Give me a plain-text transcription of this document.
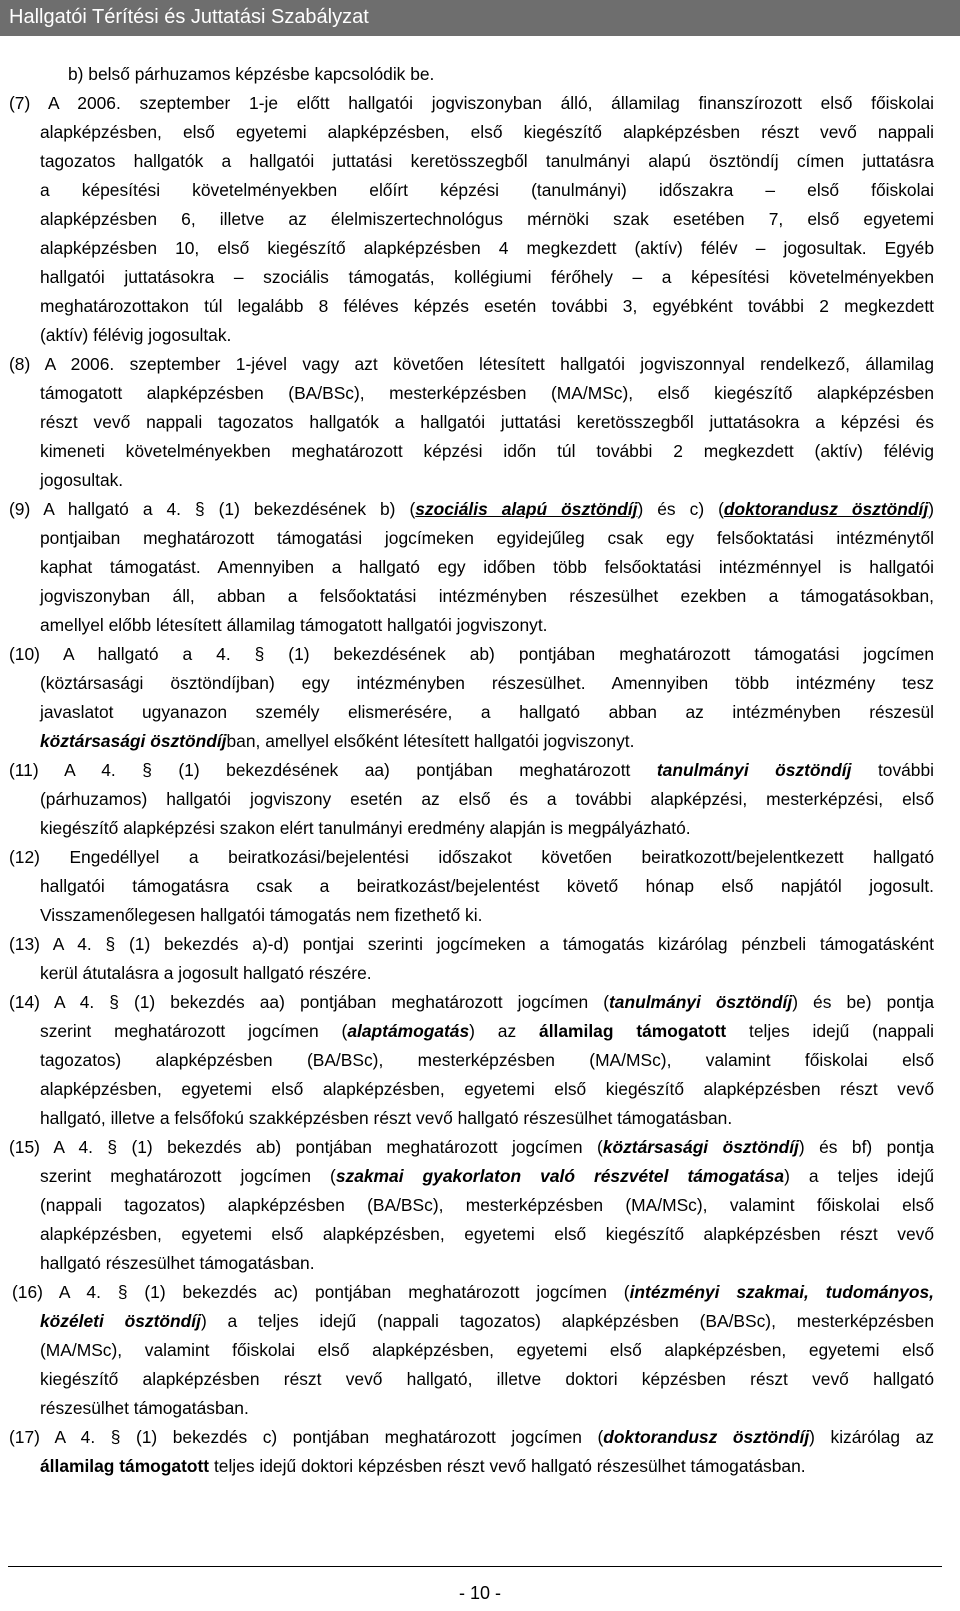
Hallgatói Térítési és Juttatási Szabályzat
b) belső párhuzamos képzésbe kapcsolódik be.
(7) A 2006. szeptember 1-je előtt hallgatói jogviszonyban álló, államilag finanszírozott első főiskolai
alapképzésben, első egyetemi alapképzésben, első kiegészítő alapképzésben részt vevő nappali
tagozatos hallgatók a hallgatói juttatási keretösszegből tanulmányi alapú ösztöndíj címen juttatásra
a képesítési követelményekben előírt képzési (tanulmányi) időszakra – első főiskolai
alapképzésben 6, illetve az élelmiszertechnológus mérnöki szak esetében 7, első egyetemi
alapképzésben 10, első kiegészítő alapképzésben 4 megkezdett (aktív) félév – jogosultak. Egyéb
hallgatói juttatásokra – szociális támogatás, kollégiumi férőhely – a képesítési követelményekben
meghatározottakon túl legalább 8 féléves képzés esetén további 3, egyébként további 2 megkezdett
(aktív) félévig jogosultak.
(8) A 2006. szeptember 1-jével vagy azt követően létesített hallgatói jogviszonnyal rendelkező, államilag
támogatott alapképzésben (BA/BSc), mesterképzésben (MA/MSc), első kiegészítő alapképzésben
részt vevő nappali tagozatos hallgatók a hallgatói juttatási keretösszegből juttatásokra a képzési és
kimeneti követelményekben meghatározott képzési időn túl további 2 megkezdett (aktív) félévig
jogosultak.
(9) A hallgató a 4. § (1) bekezdésének b) (szociális alapú ösztöndíj) és c) (doktorandusz ösztöndíj)
pontjaiban meghatározott támogatási jogcímeken egyidejűleg csak egy felsőoktatási intézménytől
kaphat támogatást. Amennyiben a hallgató egy időben több felsőoktatási intézménnyel is hallgatói
jogviszonyban áll, abban a felsőoktatási intézményben részesülhet ezekben a támogatásokban,
amellyel előbb létesített államilag támogatott hallgatói jogviszonyt.
(10) A hallgató a 4. § (1) bekezdésének ab) pontjában meghatározott támogatási jogcímen
(köztársasági ösztöndíjban) egy intézményben részesülhet. Amennyiben több intézmény tesz
javaslatot ugyanazon személy elismerésére, a hallgató abban az intézményben részesül
köztársasági ösztöndíjban, amellyel elsőként létesített hallgatói jogviszonyt.
(11) A 4. § (1) bekezdésének aa) pontjában meghatározott tanulmányi ösztöndíj további
(párhuzamos) hallgatói jogviszony esetén az első és a további alapképzési, mesterképzési, első
kiegészítő alapképzési szakon elért tanulmányi eredmény alapján is megpályázható.
(12) Engedéllyel a beiratkozási/bejelentési időszakot követően beiratkozott/bejelentkezett hallgató
hallgatói támogatásra csak a beiratkozást/bejelentést követő hónap első napjától jogosult.
Visszamenőlegesen hallgatói támogatás nem fizethető ki.
(13) A 4. § (1) bekezdés a)-d) pontjai szerinti jogcímeken a támogatás kizárólag pénzbeli támogatásként
kerül átutalásra a jogosult hallgató részére.
(14) A 4. § (1) bekezdés aa) pontjában meghatározott jogcímen (tanulmányi ösztöndíj) és be) pontja
szerint meghatározott jogcímen (alaptámogatás) az államilag támogatott teljes idejű (nappali
tagozatos) alapképzésben (BA/BSc), mesterképzésben (MA/MSc), valamint főiskolai első
alapképzésben, egyetemi első alapképzésben, egyetemi első kiegészítő alapképzésben részt vevő
hallgató, illetve a felsőfokú szakképzésben részt vevő hallgató részesülhet támogatásban.
(15) A 4. § (1) bekezdés ab) pontjában meghatározott jogcímen (köztársasági ösztöndíj) és bf) pontja
szerint meghatározott jogcímen (szakmai gyakorlaton való részvétel támogatása) a teljes idejű
(nappali tagozatos) alapképzésben (BA/BSc), mesterképzésben (MA/MSc), valamint főiskolai első
alapképzésben, egyetemi első alapképzésben, egyetemi első kiegészítő alapképzésben részt vevő
hallgató részesülhet támogatásban.
(16) A 4. § (1) bekezdés ac) pontjában meghatározott jogcímen (intézményi szakmai, tudományos,
közéleti ösztöndíj) a teljes idejű (nappali tagozatos) alapképzésben (BA/BSc), mesterképzésben
(MA/MSc), valamint főiskolai első alapképzésben, egyetemi első alapképzésben, egyetemi első
kiegészítő alapképzésben részt vevő hallgató, illetve doktori képzésben részt vevő hallgató
részesülhet támogatásban.
(17) A 4. § (1) bekezdés c) pontjában meghatározott jogcímen (doktorandusz ösztöndíj) kizárólag az
államilag támogatott teljes idejű doktori képzésben részt vevő hallgató részesülhet támogatásban.
- 10 -
